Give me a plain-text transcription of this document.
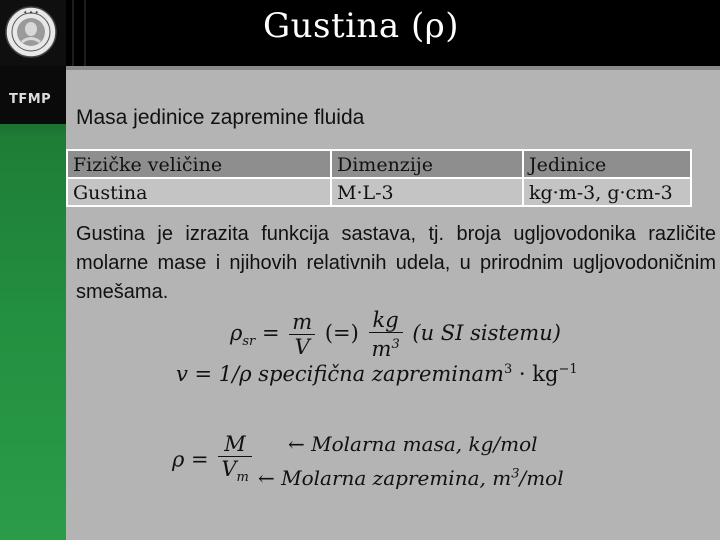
✦ ✦ ✦	Gustina (ρ)
TFMP
Masa jedinice zapremine fluida
Fizičke veličine	Dimenzije	Jedinice
Gustina	M·L-3	kg·m-3, g·cm-3
Gustina je izrazita funkcija sastava, tj. broja ugljovodonika različite molarne mase i njihovih relativnih udela, u prirodnim ugljovodoničnim smešama.
$\rho_{sr} = \frac{m}{V}$ (=) $\frac{kg}{m^3} (u$ SI sistemu)
v = 1/ρ specifična zapreminam$^3$ · $kg^{-1}$
$\rho = \frac{M}{V_m}$ ← Molarna masa, kg/mol
← Molarna zapremina, $m^3$/mol
